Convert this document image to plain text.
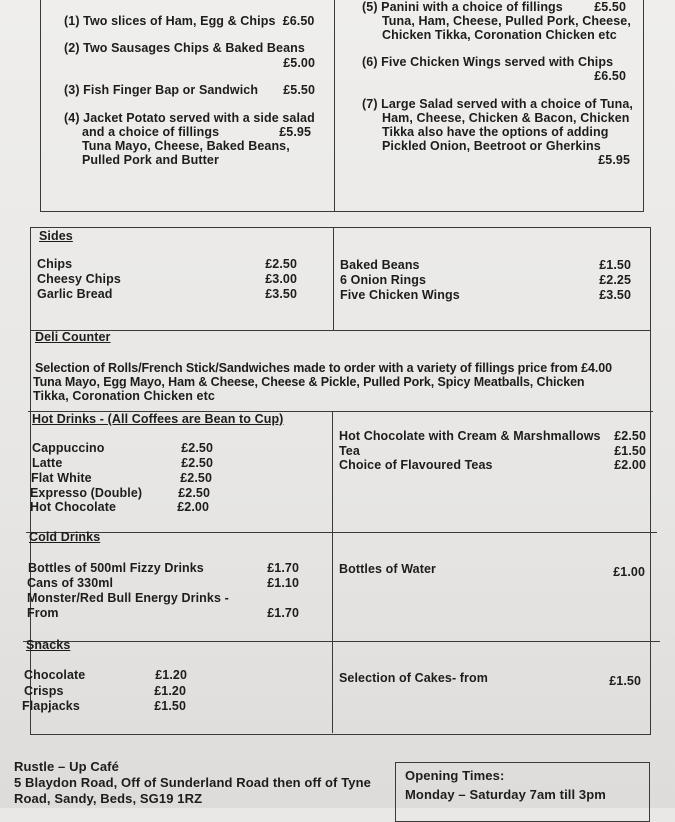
(1) Two slices of Ham, Egg & Chips £6.50
(2) Two Sausages Chips & Baked Beans
£5.00
(3) Fish Finger Bap or Sandwich	£5.50
(4) Jacket Potato served with a side salad
and a choice of fillings	£5.95
Tuna Mayo, Cheese, Baked Beans,
Pulled Pork and Butter
(5) Panini with a choice of fillings	£5.50
Tuna, Ham, Cheese, Pulled Pork, Cheese,
Chicken Tikka, Coronation Chicken etc
(6) Five Chicken Wings served with Chips
£6.50
(7) Large Salad served with a choice of Tuna,
Ham, Cheese, Chicken & Bacon, Chicken
Tikka also have the options of adding
Pickled Onion, Beetroot or Gherkins
£5.95
Sides
Chips	£2.50
Cheesy Chips	£3.00
Garlic Bread	£3.50
Baked Beans	£1.50
6 Onion Rings	£2.25
Five Chicken Wings	£3.50
Deli Counter
Selection of Rolls/French Stick/Sandwiches made to order with a variety of fillings price from £4.00
Tuna Mayo, Egg Mayo, Ham & Cheese, Cheese & Pickle, Pulled Pork, Spicy Meatballs, Chicken
Tikka, Coronation Chicken etc
Hot Drinks - (All Coffees are Bean to Cup)
Cappuccino	£2.50
Latte	£2.50
Flat White	£2.50
Expresso (Double)	£2.50
Hot Chocolate	£2.00
Hot Chocolate with Cream & Marshmallows	£2.50
Tea	£1.50
Choice of Flavoured Teas	£2.00
Cold Drinks
Bottles of 500ml Fizzy Drinks	£1.70
Cans of 330ml	£1.10
Monster/Red Bull Energy Drinks -
From	£1.70
Bottles of Water	£1.00
Snacks
Chocolate	£1.20
Crisps	£1.20
Flapjacks	£1.50
Selection of Cakes- from	£1.50
Rustle – Up Café
5 Blaydon Road, Off of Sunderland Road then off of Tyne
Road, Sandy, Beds, SG19 1RZ
Opening Times:
Monday – Saturday 7am till 3pm
